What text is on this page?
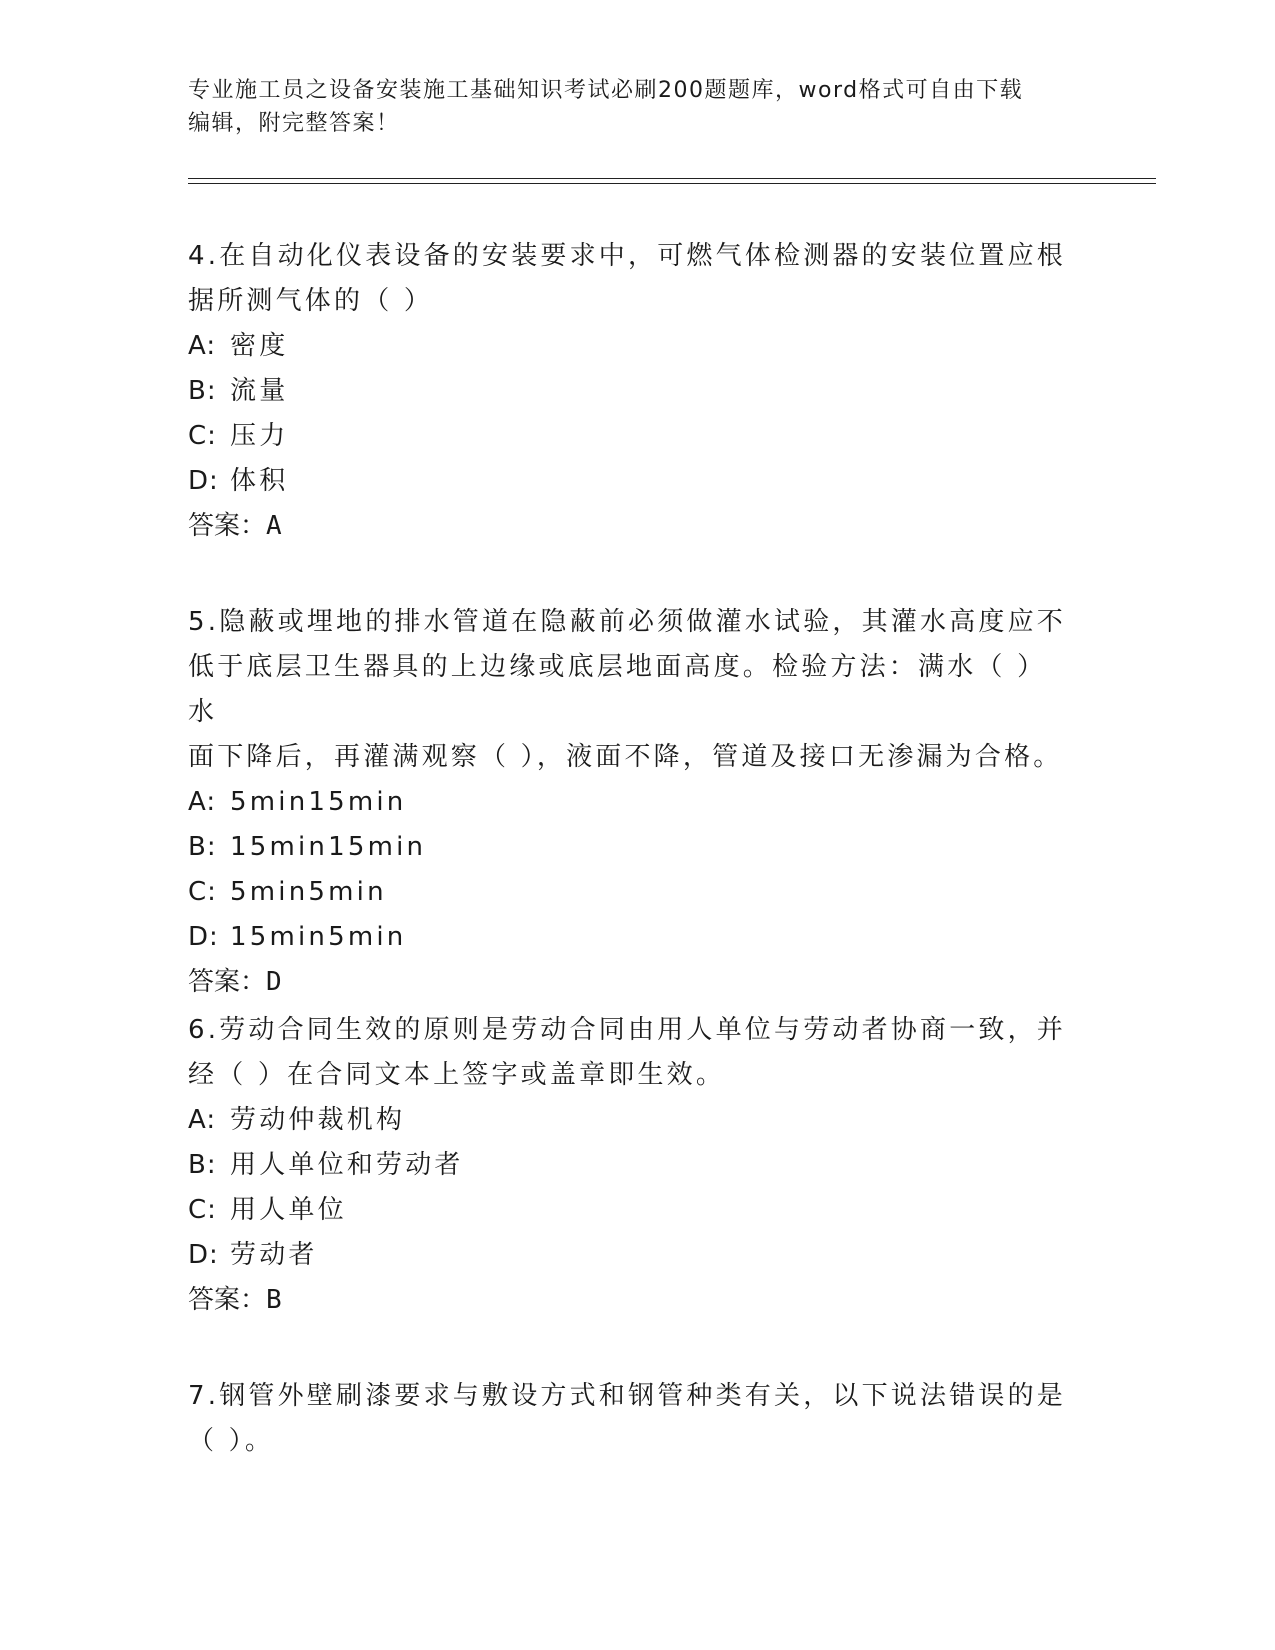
专业施工员之设备安装施工基础知识考试必刷200题题库，word格式可自由下载
编辑，附完整答案！
4.在自动化仪表设备的安装要求中，可燃气体检测器的安装位置应根
据所测气体的（ ）
A: 密度
B: 流量
C: 压力
D: 体积
答案：A
5.隐蔽或埋地的排水管道在隐蔽前必须做灌水试验，其灌水高度应不
低于底层卫生器具的上边缘或底层地面高度。检验方法：满水（ ）水
面下降后，再灌满观察（ ），液面不降，管道及接口无渗漏为合格。
A: 5min15min
B: 15min15min
C: 5min5min
D: 15min5min
答案：D
6.劳动合同生效的原则是劳动合同由用人单位与劳动者协商一致，并
经（ ）在合同文本上签字或盖章即生效。
A: 劳动仲裁机构
B: 用人单位和劳动者
C: 用人单位
D: 劳动者
答案：B
7.钢管外壁刷漆要求与敷设方式和钢管种类有关，以下说法错误的是
（ ）。
